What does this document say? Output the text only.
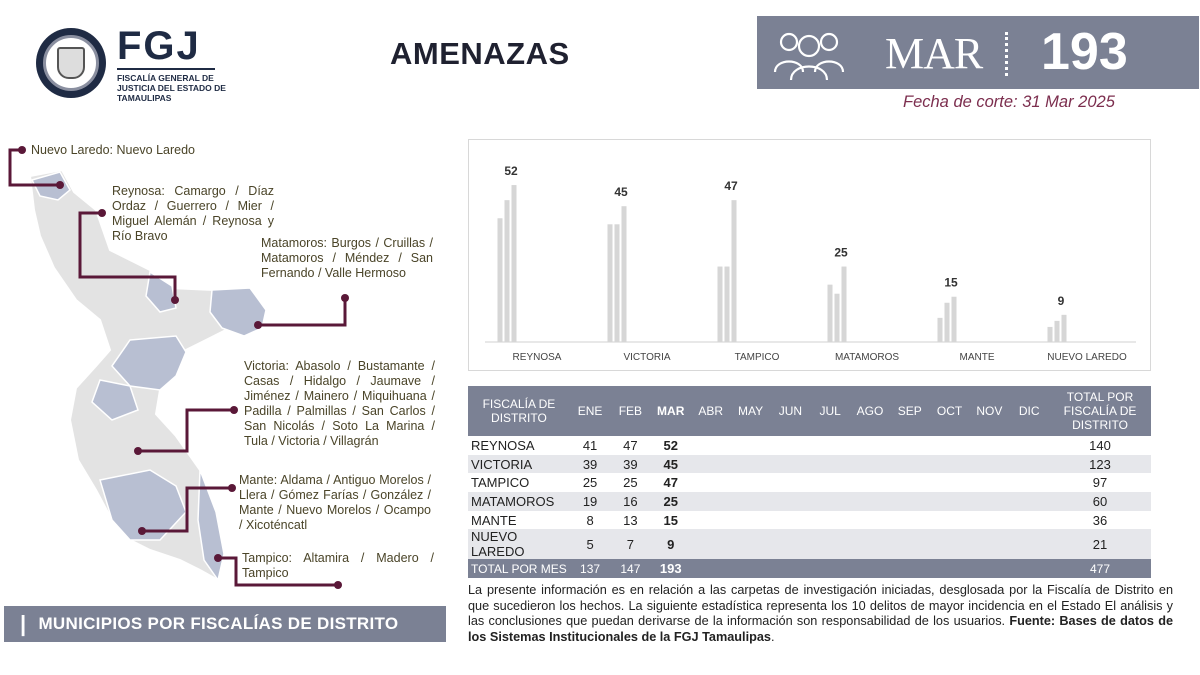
FGJ
FISCALÍA GENERAL DE JUSTICIA DEL ESTADO DE TAMAULIPAS
AMENAZAS	MAR 193
Fecha de corte: 31 Mar 2025
Nuevo Laredo: Nuevo Laredo
Reynosa: Camargo / Díaz Ordaz / Guerrero / Mier / Miguel Alemán / Reynosa y Río Bravo	Matamoros: Burgos / Cruillas / Matamoros / Méndez / San Fernando / Valle Hermoso
Victoria: Abasolo / Bustamante / Casas / Hidalgo / Jaumave / Jiménez / Mainero / Miquihuana / Padilla / Palmillas / San Carlos / San Nicolás / Soto La Marina / Tula / Victoria / Villagrán
Mante: Aldama / Antiguo Morelos / Llera / Gómez Farías / González / Mante / Nuevo Morelos / Ocampo / Xicoténcatl
Tampico: Altamira / Madero / Tampico
| MUNICIPIOS POR FISCALÍAS DE DISTRITO
52
REYNOSA
45
VICTORIA
47
TAMPICO
25
MATAMOROS
15
MANTE
9
NUEVO LAREDO
FISCALÍA DE DISTRITO	ENE	FEB	MAR	ABR	MAY	JUN	JUL	AGO	SEP	OCT	NOV	DIC	TOTAL POR FISCALÍA DE DISTRITO
REYNOSA	41	47	52										140
VICTORIA	39	39	45										123
TAMPICO	25	25	47										97
MATAMOROS	19	16	25										60
MANTE	8	13	15										36
NUEVO LAREDO	5	7	9										21
TOTAL POR MES	137	147	193										477
La presente información es en relación a las carpetas de investigación iniciadas, desglosada por la Fiscalía de Distrito en que sucedieron los hechos. La siguiente estadística representa los 10 delitos de mayor incidencia en el Estado El análisis y las conclusiones que puedan derivarse de la información son responsabilidad de los usuarios. Fuente: Bases de datos de los Sistemas Institucionales de la FGJ Tamaulipas.
